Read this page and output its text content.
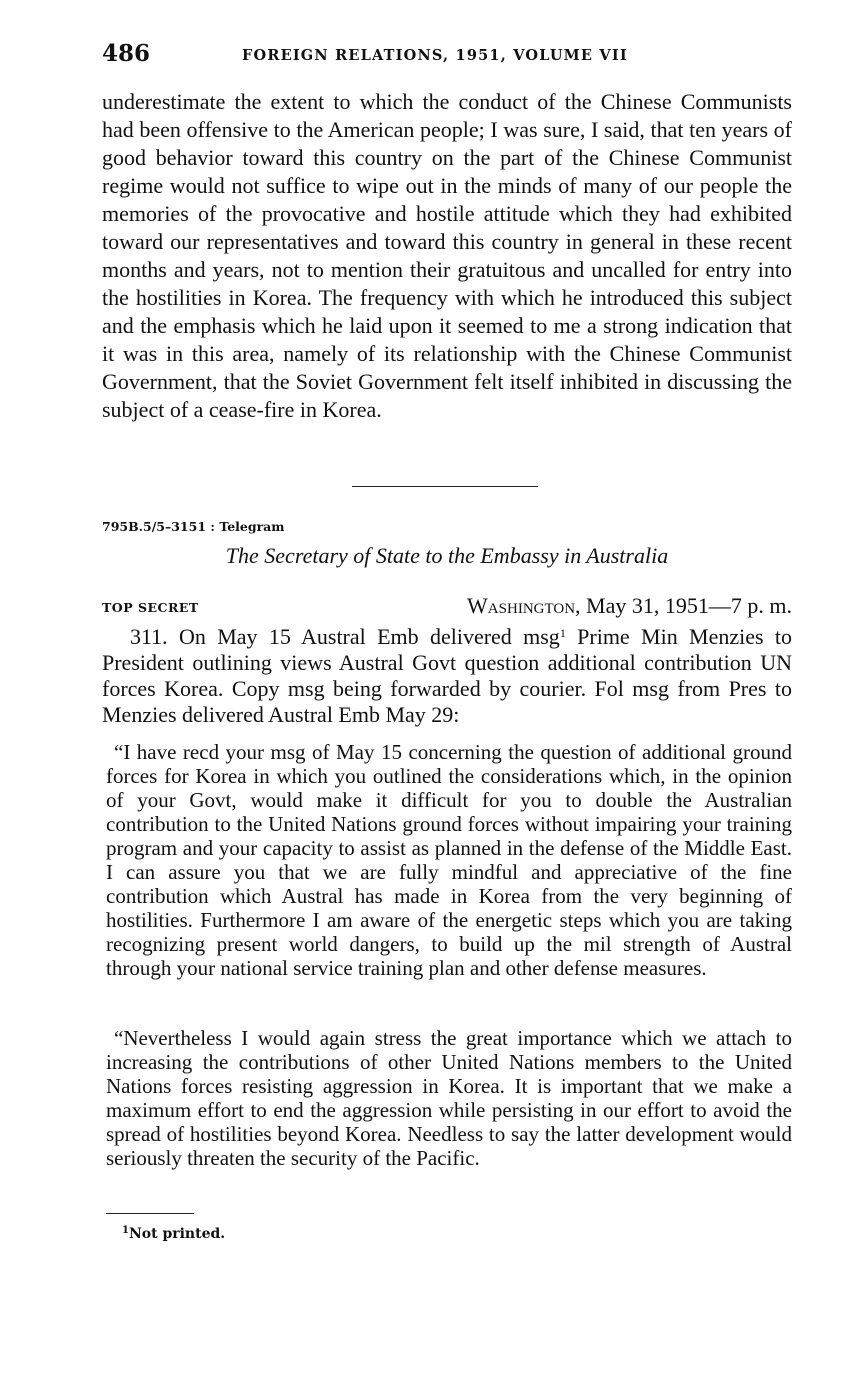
486	FOREIGN RELATIONS, 1951, VOLUME VII

underestimate the extent to which the conduct of the Chinese Communists had been offensive to the American people; I was sure, I said, that ten years of good behavior toward this country on the part of the Chinese Communist regime would not suffice to wipe out in the minds of many of our people the memories of the provocative and hostile attitude which they had exhibited toward our representatives and toward this country in general in these recent months and years, not to mention their gratuitous and uncalled for entry into the hostilities in Korea. The frequency with which he introduced this subject and the emphasis which he laid upon it seemed to me a strong indication that it was in this area, namely of its relationship with the Chinese Communist Government, that the Soviet Government felt itself inhibited in discussing the subject of a cease-fire in Korea.

795B.5/5–3151 : Telegram
The Secretary of State to the Embassy in Australia
TOP SECRET	Washington, May 31, 1951—7 p. m.

311. On May 15 Austral Emb delivered msg$^1$ Prime Min Menzies to President outlining views Austral Govt question additional contribution UN forces Korea. Copy msg being forwarded by courier. Fol msg from Pres to Menzies delivered Austral Emb May 29:

“I have recd your msg of May 15 concerning the question of additional ground forces for Korea in which you outlined the considerations which, in the opinion of your Govt, would make it difficult for you to double the Australian contribution to the United Nations ground forces without impairing your training program and your capacity to assist as planned in the defense of the Middle East. I can assure you that we are fully mindful and appreciative of the fine contribution which Austral has made in Korea from the very beginning of hostilities. Furthermore I am aware of the energetic steps which you are taking recognizing present world dangers, to build up the mil strength of Austral through your national service training plan and other defense measures.

“Nevertheless I would again stress the great importance which we attach to increasing the contributions of other United Nations members to the United Nations forces resisting aggression in Korea. It is important that we make a maximum effort to end the aggression while persisting in our effort to avoid the spread of hostilities beyond Korea. Needless to say the latter development would seriously threaten the security of the Pacific.

$^1$Not printed.
